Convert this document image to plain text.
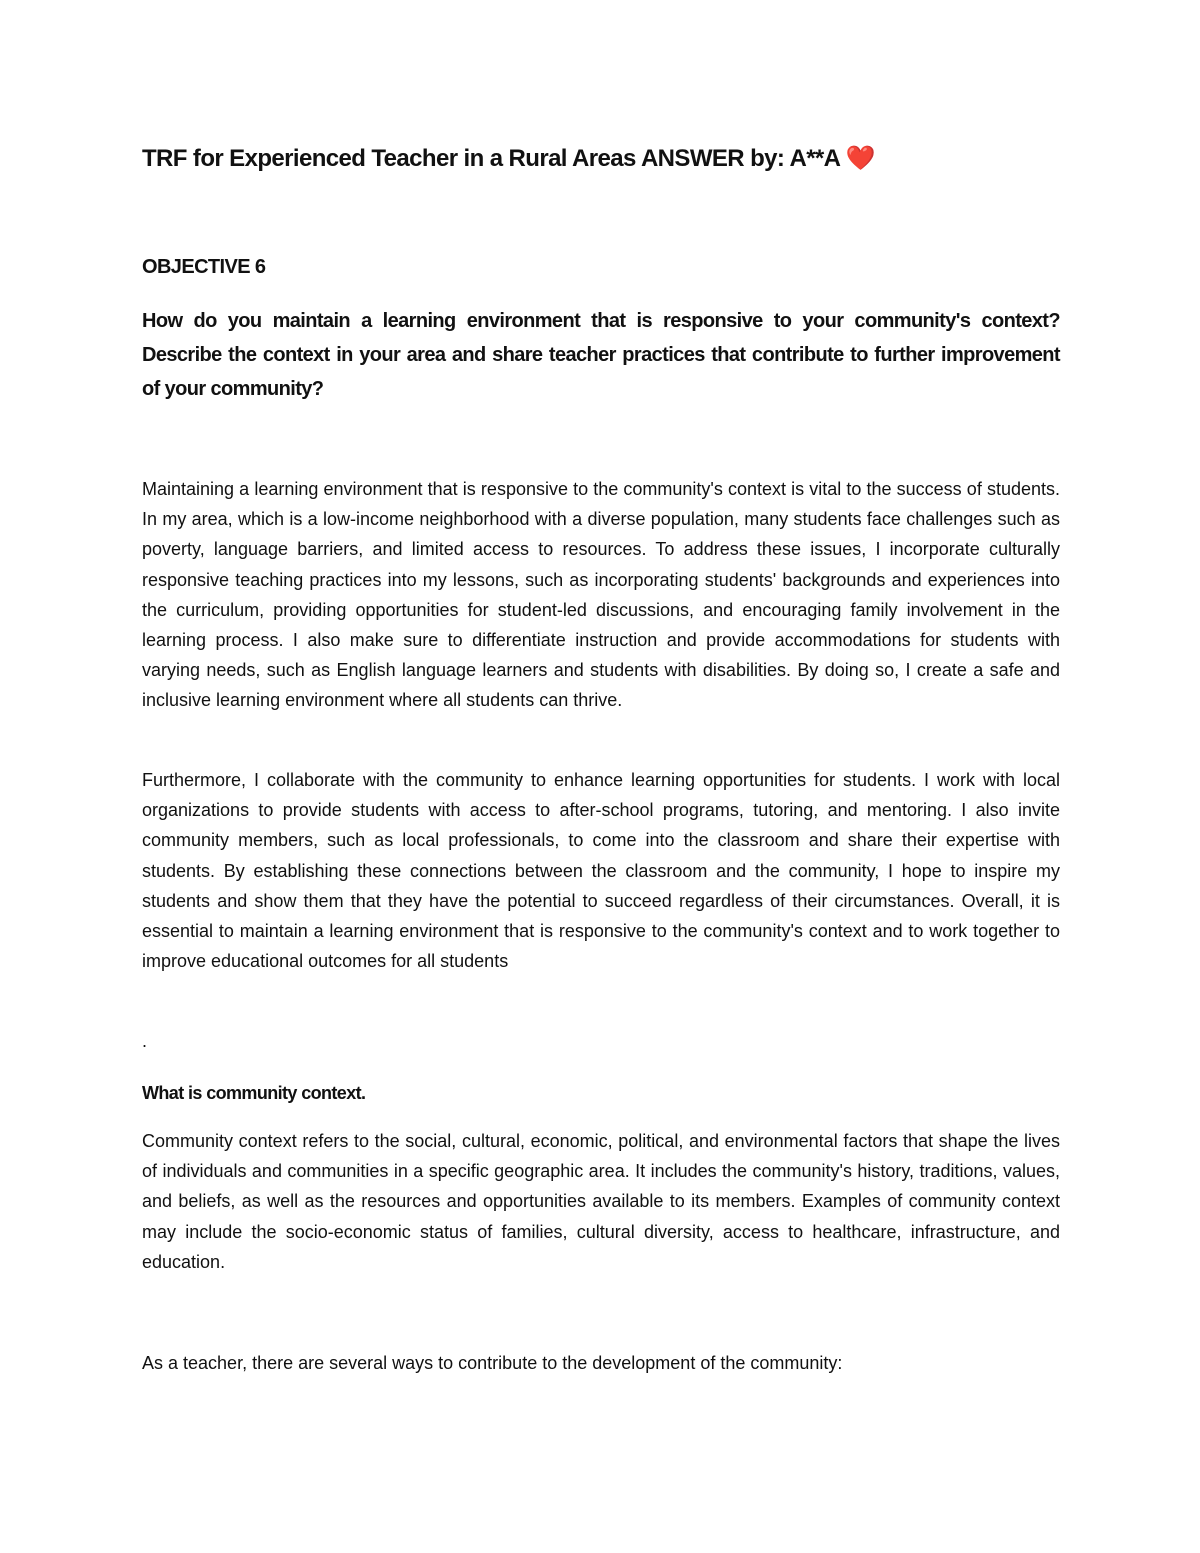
TRF for Experienced Teacher in a Rural Areas ANSWER by: A**A ❤️
OBJECTIVE 6
How do you maintain a learning environment that is responsive to your community's context? Describe the context in your area and share teacher practices that contribute to further improvement of your community?

Maintaining a learning environment that is responsive to the community's context is vital to the success of students. In my area, which is a low-income neighborhood with a diverse population, many students face challenges such as poverty, language barriers, and limited access to resources. To address these issues, I incorporate culturally responsive teaching practices into my lessons, such as incorporating students' backgrounds and experiences into the curriculum, providing opportunities for student-led discussions, and encouraging family involvement in the learning process. I also make sure to differentiate instruction and provide accommodations for students with varying needs, such as English language learners and students with disabilities. By doing so, I create a safe and inclusive learning environment where all students can thrive.

Furthermore, I collaborate with the community to enhance learning opportunities for students. I work with local organizations to provide students with access to after-school programs, tutoring, and mentoring. I also invite community members, such as local professionals, to come into the classroom and share their expertise with students. By establishing these connections between the classroom and the community, I hope to inspire my students and show them that they have the potential to succeed regardless of their circumstances. Overall, it is essential to maintain a learning environment that is responsive to the community's context and to work together to improve educational outcomes for all students

.

What is community context.

Community context refers to the social, cultural, economic, political, and environmental factors that shape the lives of individuals and communities in a specific geographic area. It includes the community's history, traditions, values, and beliefs, as well as the resources and opportunities available to its members. Examples of community context may include the socio-economic status of families, cultural diversity, access to healthcare, infrastructure, and education.

As a teacher, there are several ways to contribute to the development of the community:
